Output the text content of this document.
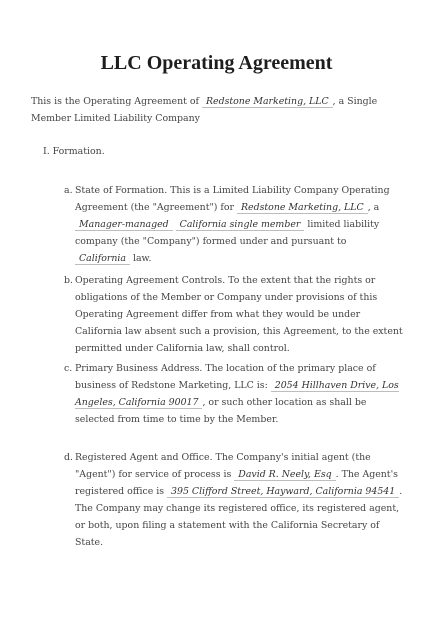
LLC Operating Agreement
This is the Operating Agreement of Redstone Marketing, LLC , a Single Member Limited Liability Company
I. Formation.
a. State of Formation. This is a Limited Liability Company Operating Agreement (the "Agreement") for Redstone Marketing, LLC , a Manager-managed California single member limited liability company (the "Company") formed under and pursuant to California law.
b. Operating Agreement Controls. To the extent that the rights or obligations of the Member or Company under provisions of this Operating Agreement differ from what they would be under California law absent such a provision, this Agreement, to the extent permitted under California law, shall control.
c. Primary Business Address. The location of the primary place of business of Redstone Marketing, LLC is: 2054 Hillhaven Drive, Los Angeles, California 90017 , or such other location as shall be selected from time to time by the Member.
d. Registered Agent and Office. The Company's initial agent (the "Agent") for service of process is David R. Neely, Esq . The Agent's registered office is 395 Clifford Street, Hayward, California 94541 . The Company may change its registered office, its registered agent, or both, upon filing a statement with the California Secretary of State.
